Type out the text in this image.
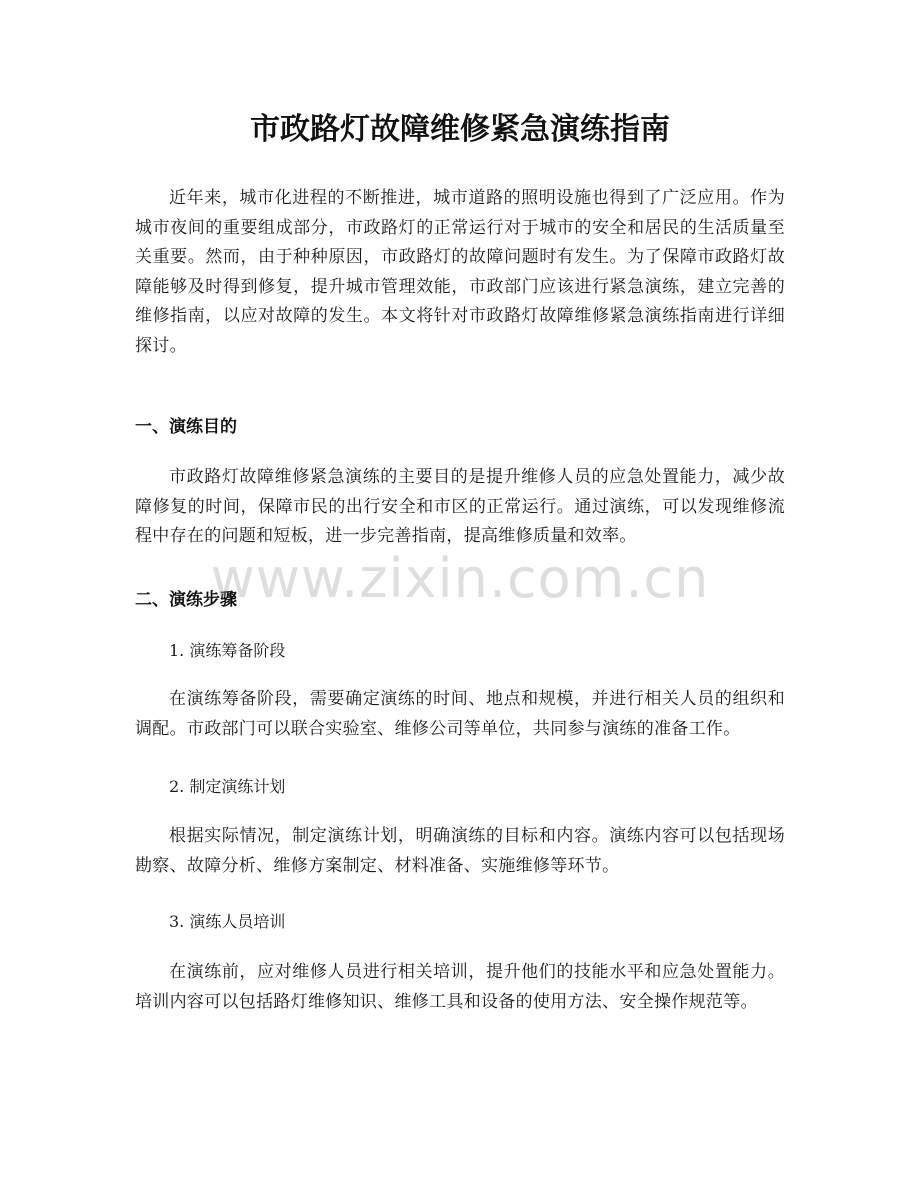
市政路灯故障维修紧急演练指南

近年来，城市化进程的不断推进，城市道路的照明设施也得到了广泛应用。作为城市夜间的重要组成部分，市政路灯的正常运行对于城市的安全和居民的生活质量至关重要。然而，由于种种原因，市政路灯的故障问题时有发生。为了保障市政路灯故障能够及时得到修复，提升城市管理效能，市政部门应该进行紧急演练，建立完善的维修指南，以应对故障的发生。本文将针对市政路灯故障维修紧急演练指南进行详细探讨。

一、演练目的

市政路灯故障维修紧急演练的主要目的是提升维修人员的应急处置能力，减少故障修复的时间，保障市民的出行安全和市区的正常运行。通过演练，可以发现维修流程中存在的问题和短板，进一步完善指南，提高维修质量和效率。

二、演练步骤
1. 演练筹备阶段

在演练筹备阶段，需要确定演练的时间、地点和规模，并进行相关人员的组织和调配。市政部门可以联合实验室、维修公司等单位，共同参与演练的准备工作。

2. 制定演练计划

根据实际情况，制定演练计划，明确演练的目标和内容。演练内容可以包括现场勘察、故障分析、维修方案制定、材料准备、实施维修等环节。

3. 演练人员培训

在演练前，应对维修人员进行相关培训，提升他们的技能水平和应急处置能力。培训内容可以包括路灯维修知识、维修工具和设备的使用方法、安全操作规范等。

www.zixin.com.cn
